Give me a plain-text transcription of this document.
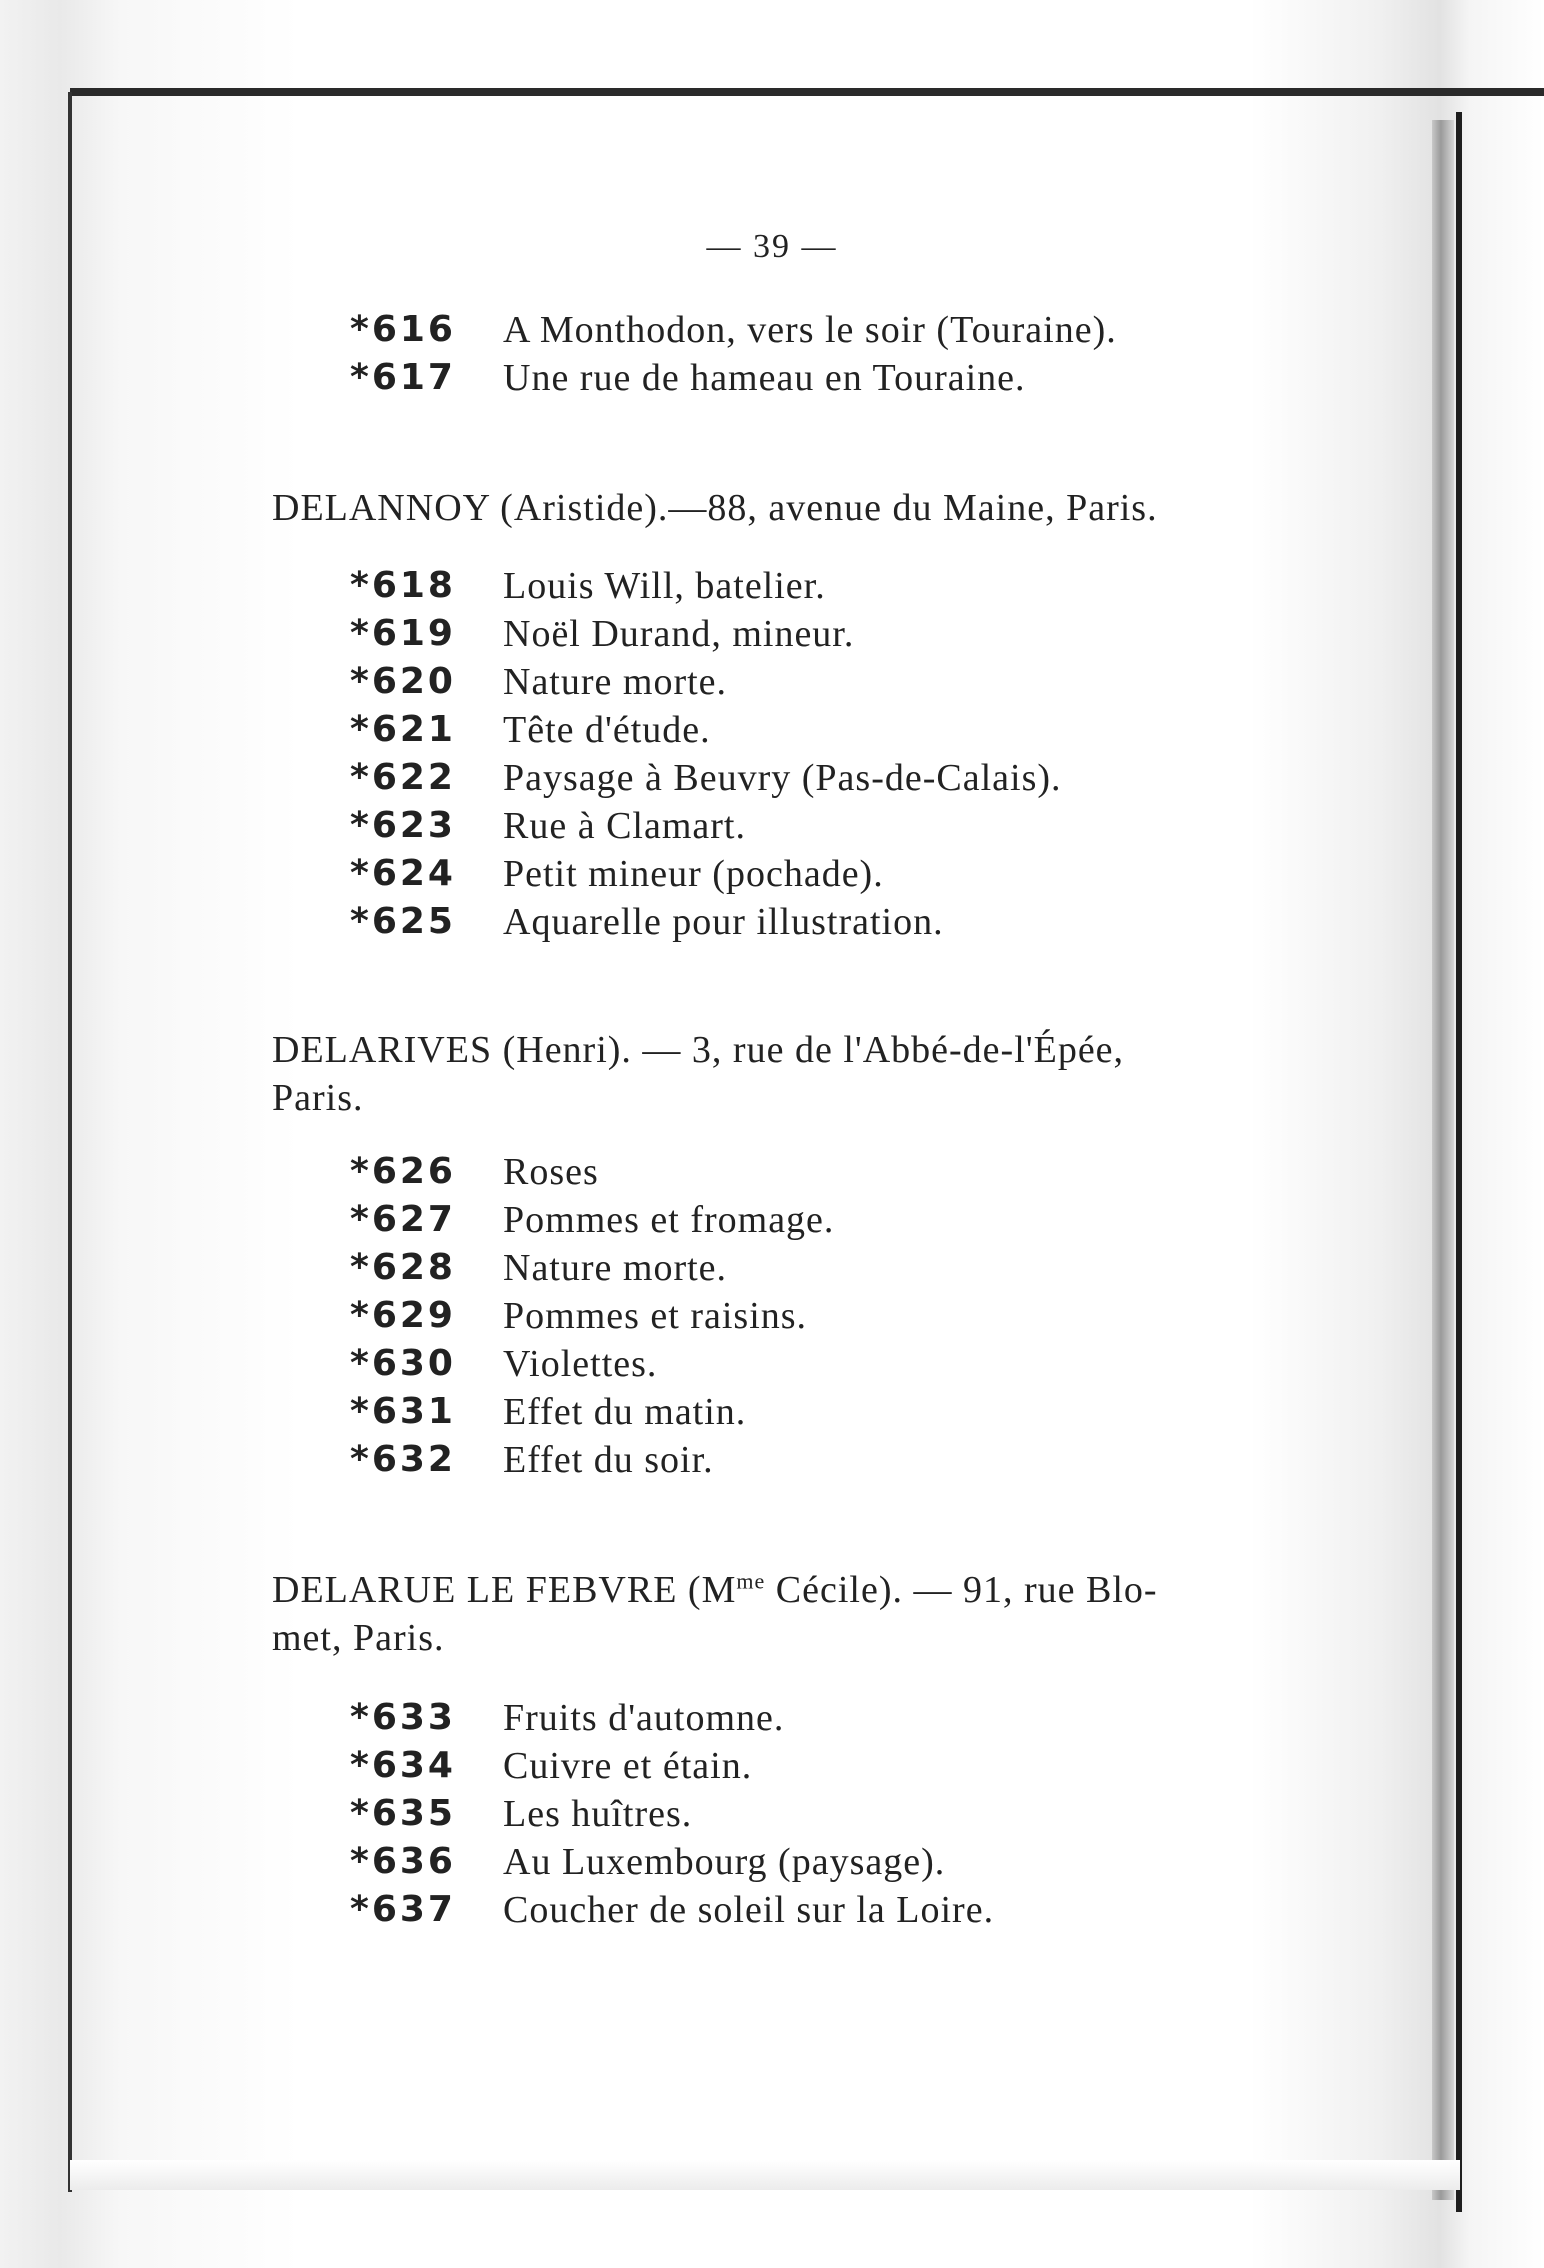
— 39 —
*616 A Monthodon, vers le soir (Touraine).
*617 Une rue de hameau en Touraine.
DELANNOY (Aristide).—88, avenue du Maine, Paris.
*618 Louis Will, batelier.
*619 Noël Durand, mineur.
*620 Nature morte.
*621 Tête d'étude.
*622 Paysage à Beuvry (Pas-de-Calais).
*623 Rue à Clamart.
*624 Petit mineur (pochade).
*625 Aquarelle pour illustration.
DELARIVES (Henri). — 3, rue de l'Abbé-de-l'Épée,
Paris.
*626 Roses
*627 Pommes et fromage.
*628 Nature morte.
*629 Pommes et raisins.
*630 Violettes.
*631 Effet du matin.
*632 Effet du soir.
DELARUE LE FEBVRE ($M^{me}$ Cécile). — 91, rue Blo-
met, Paris.
*633 Fruits d'automne.
*634 Cuivre et étain.
*635 Les huîtres.
*636 Au Luxembourg (paysage).
*637 Coucher de soleil sur la Loire.
